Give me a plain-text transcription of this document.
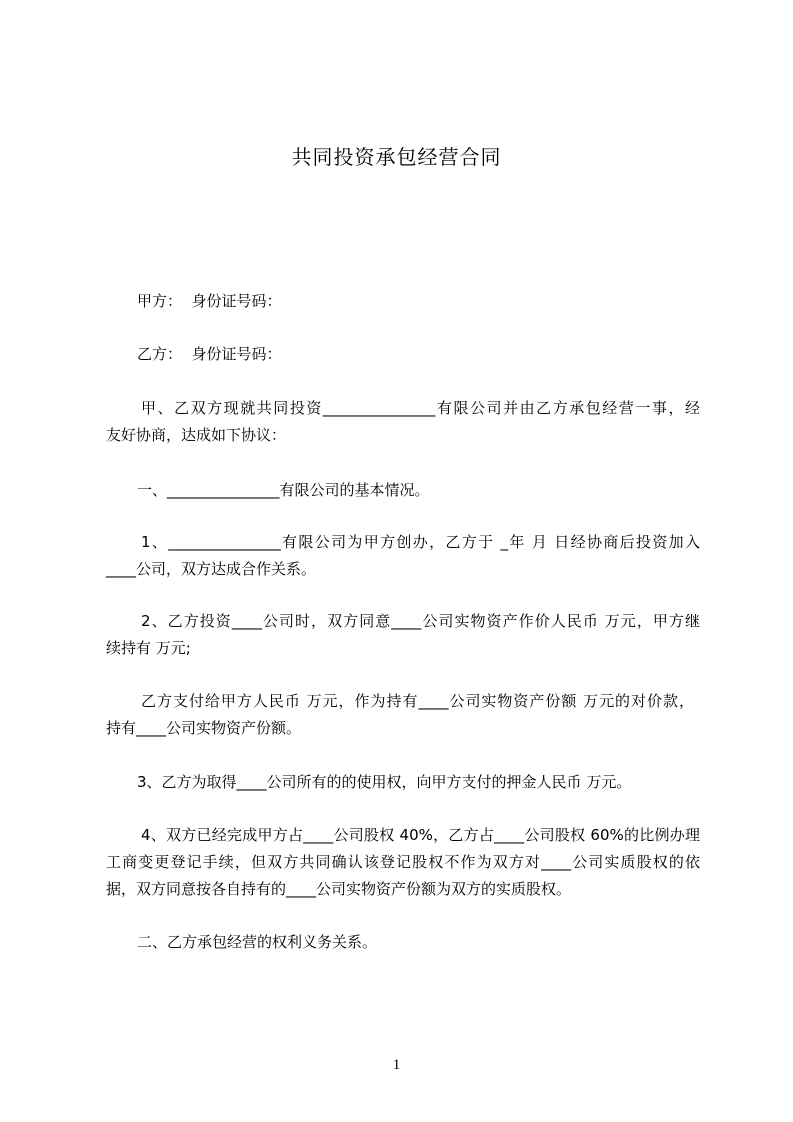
共同投资承包经营合同
甲方：  身份证号码：
乙方：  身份证号码：
甲、乙双方现就共同投资_______________有限公司并由乙方承包经营一事，经
友好协商，达成如下协议：
一、_______________有限公司的基本情况。
1、_______________有限公司为甲方创办，乙方于 _年 月 日经协商后投资加入
____公司，双方达成合作关系。
2、乙方投资____公司时，双方同意____公司实物资产作价人民币 万元，甲方继
续持有 万元;
乙方支付给甲方人民币 万元，作为持有____公司实物资产份额 万元的对价款，
持有____公司实物资产份额。
3、乙方为取得____公司所有的的使用权，向甲方支付的押金人民币 万元。
4、双方已经完成甲方占____公司股权 40%，乙方占____公司股权 60%的比例办理
工商变更登记手续，但双方共同确认该登记股权不作为双方对____公司实质股权的依
据，双方同意按各自持有的____公司实物资产份额为双方的实质股权。
二、乙方承包经营的权利义务关系。
1
